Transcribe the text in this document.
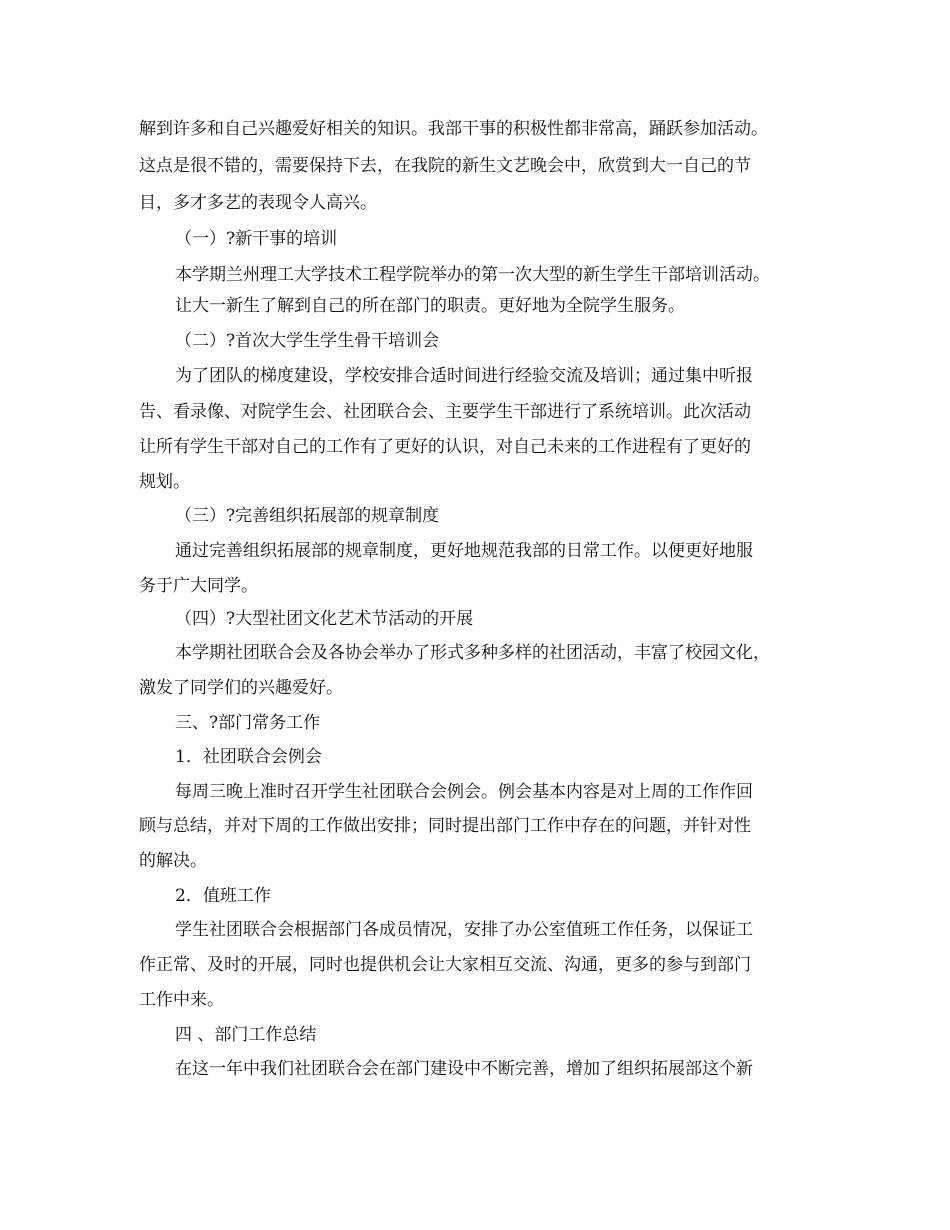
解到许多和自己兴趣爱好相关的知识。我部干事的积极性都非常高，踊跃参加活动。
这点是很不错的，需要保持下去，在我院的新生文艺晚会中，欣赏到大一自己的节
目，多才多艺的表现令人高兴。
（一）?新干事的培训
本学期兰州理工大学技术工程学院举办的第一次大型的新生学生干部培训活动。
让大一新生了解到自己的所在部门的职责。更好地为全院学生服务。
（二）?首次大学生学生骨干培训会
为了团队的梯度建设，学校安排合适时间进行经验交流及培训；通过集中听报
告、看录像、对院学生会、社团联合会、主要学生干部进行了系统培训。此次活动
让所有学生干部对自己的工作有了更好的认识，对自己未来的工作进程有了更好的
规划。
（三）?完善组织拓展部的规章制度
通过完善组织拓展部的规章制度，更好地规范我部的日常工作。以便更好地服
务于广大同学。
（四）?大型社团文化艺术节活动的开展
本学期社团联合会及各协会举办了形式多种多样的社团活动，丰富了校园文化，
激发了同学们的兴趣爱好。
三、?部门常务工作
1．社团联合会例会
每周三晚上准时召开学生社团联合会例会。例会基本内容是对上周的工作作回
顾与总结，并对下周的工作做出安排；同时提出部门工作中存在的问题，并针对性
的解决。
2．值班工作
学生社团联合会根据部门各成员情况，安排了办公室值班工作任务，以保证工
作正常、及时的开展，同时也提供机会让大家相互交流、沟通，更多的参与到部门
工作中来。
四 、部门工作总结
在这一年中我们社团联合会在部门建设中不断完善，增加了组织拓展部这个新
